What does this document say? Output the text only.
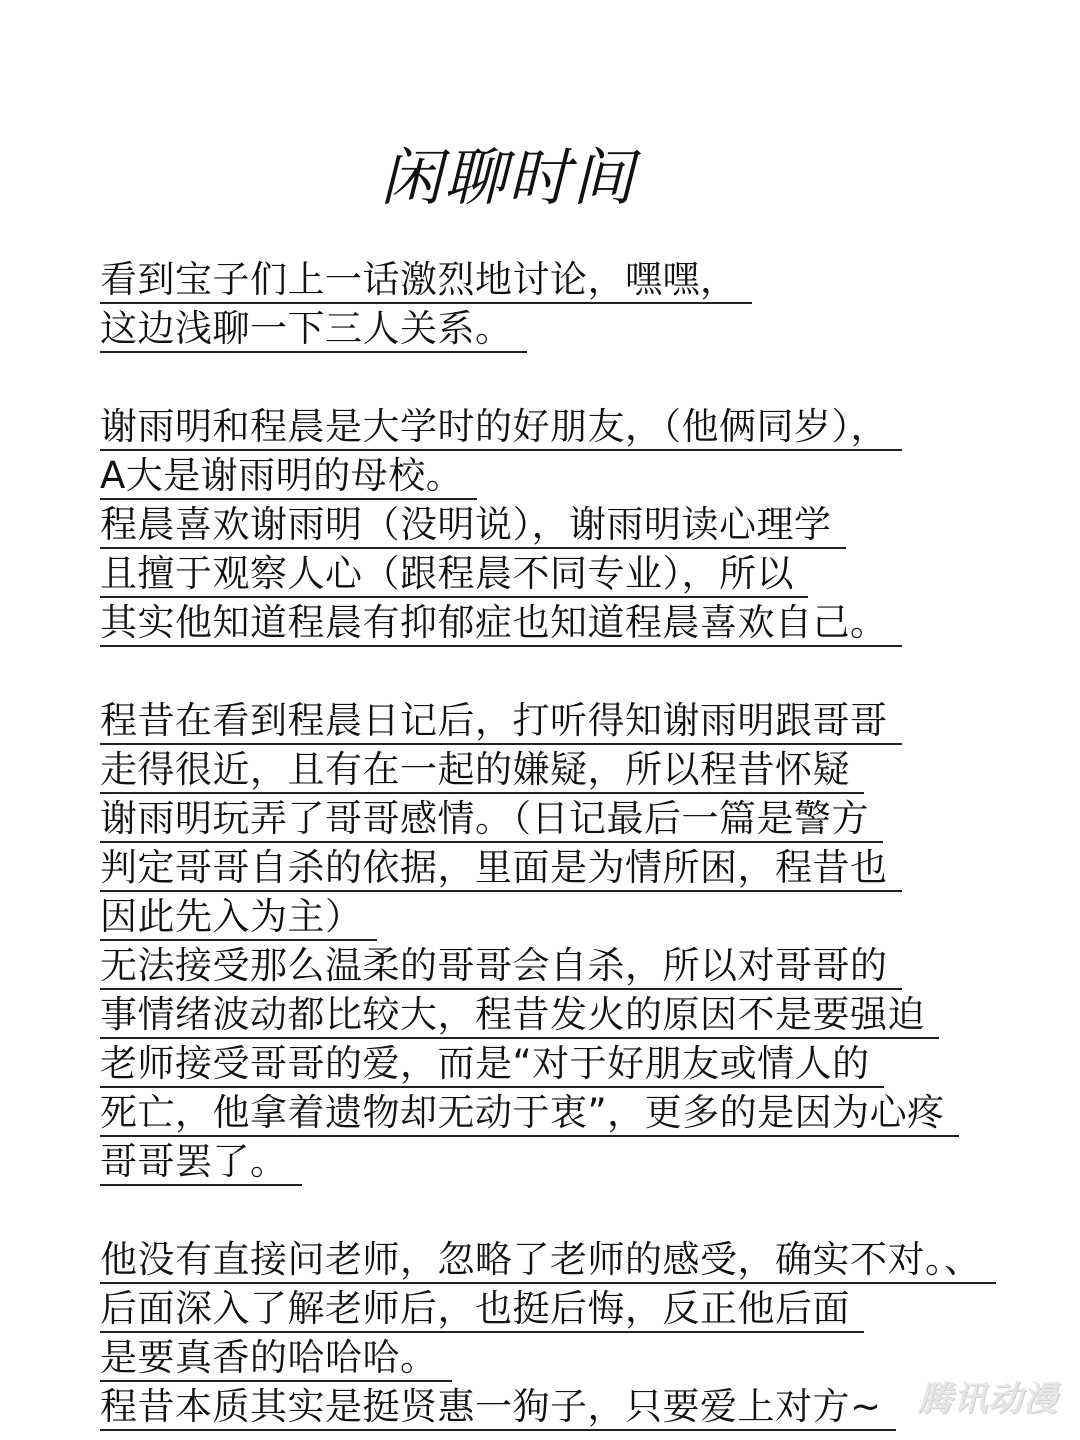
闲聊时间
看到宝子们上一话激烈地讨论，嘿嘿，
这边浅聊一下三人关系。
谢雨明和程晨是大学时的好朋友，（他俩同岁），
A大是谢雨明的母校。
程晨喜欢谢雨明（没明说），谢雨明读心理学
且擅于观察人心（跟程晨不同专业），所以
其实他知道程晨有抑郁症也知道程晨喜欢自己。
程昔在看到程晨日记后，打听得知谢雨明跟哥哥
走得很近，且有在一起的嫌疑，所以程昔怀疑
谢雨明玩弄了哥哥感情。（日记最后一篇是警方
判定哥哥自杀的依据，里面是为情所困，程昔也
因此先入为主）
无法接受那么温柔的哥哥会自杀，所以对哥哥的
事情绪波动都比较大，程昔发火的原因不是要强迫
老师接受哥哥的爱，而是“对于好朋友或情人的
死亡，他拿着遗物却无动于衷”，更多的是因为心疼
哥哥罢了。
他没有直接问老师，忽略了老师的感受，确实不对。、
后面深入了解老师后，也挺后悔，反正他后面
是要真香的哈哈哈。
程昔本质其实是挺贤惠一狗子，只要爱上对方~	腾讯动漫
